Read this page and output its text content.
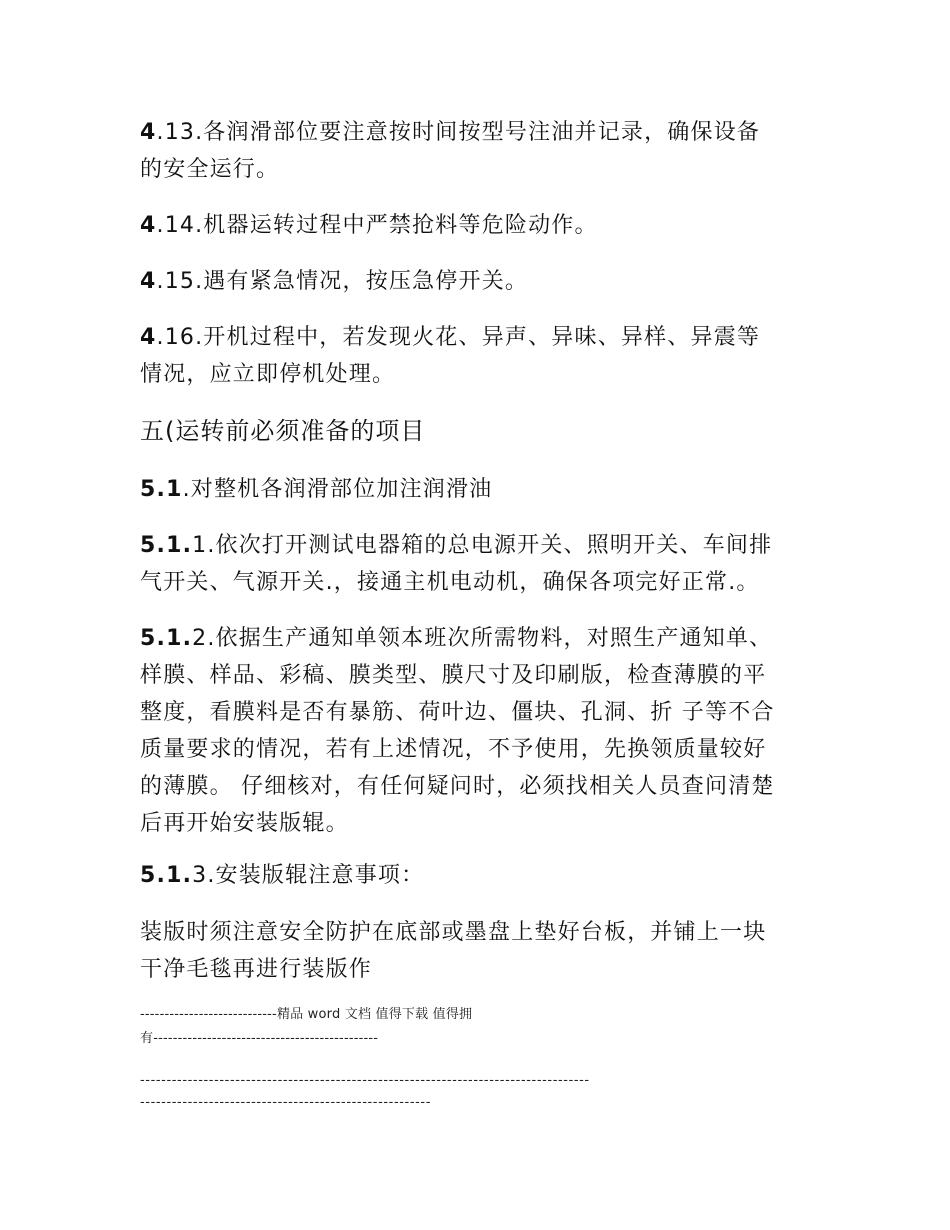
4.13.各润滑部位要注意按时间按型号注油并记录，确保设备
的安全运行。
4.14.机器运转过程中严禁抢料等危险动作。
4.15.遇有紧急情况，按压急停开关。
4.16.开机过程中，若发现火花、异声、异味、异样、异震等
情况，应立即停机处理。
五(运转前必须准备的项目
5.1.对整机各润滑部位加注润滑油
5.1.1.依次打开测试电器箱的总电源开关、照明开关、车间排
气开关、气源开关.，接通主机电动机，确保各项完好正常.。
5.1.2.依据生产通知单领本班次所需物料，对照生产通知单、
样膜、样品、彩稿、膜类型、膜尺寸及印刷版，检查薄膜的平
整度，看膜料是否有暴筋、荷叶边、僵块、孔洞、折 子等不合
质量要求的情况，若有上述情况，不予使用，先换领质量较好
的薄膜。 仔细核对，有任何疑问时，必须找相关人员查问清楚
后再开始安装版辊。
5.1.3.安装版辊注意事项：
装版时须注意安全防护在底部或墨盘上垫好台板，并铺上一块
干净毛毯再进行装版作
----------------------------精品 word 文档 值得下载 值得拥
有----------------------------------------------
-------------------------------------------------------------------------------------
-------------------------------------------------------
